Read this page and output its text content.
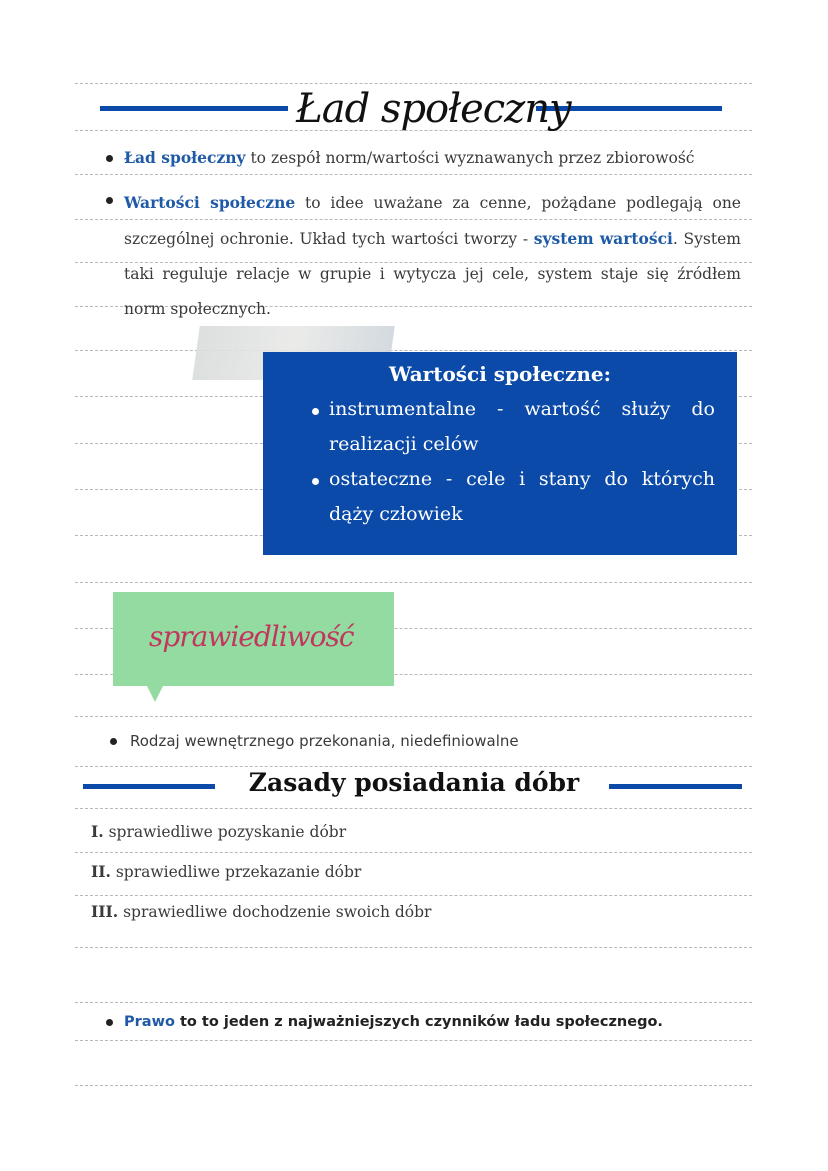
Ład społeczny
Ład społeczny to zespół norm/wartości wyznawanych przez zbiorowość
Wartości społeczne to idee uważane za cenne, pożądane podlegają one szczególnej ochronie. Układ tych wartości tworzy - system wartości. System taki reguluje relacje w grupie i wytycza jej cele, system staje się źródłem norm społecznych.
Wartości społeczne:
instrumentalne - wartość służy do realizacji celów
ostateczne - cele i stany do których dąży człowiek
sprawiedliwość
Rodzaj wewnętrznego przekonania, niedefiniowalne
Zasady posiadania dóbr
I. sprawiedliwe pozyskanie dóbr
II. sprawiedliwe przekazanie dóbr
III. sprawiedliwe dochodzenie swoich dóbr
Prawo to to jeden z najważniejszych czynników ładu społecznego.
